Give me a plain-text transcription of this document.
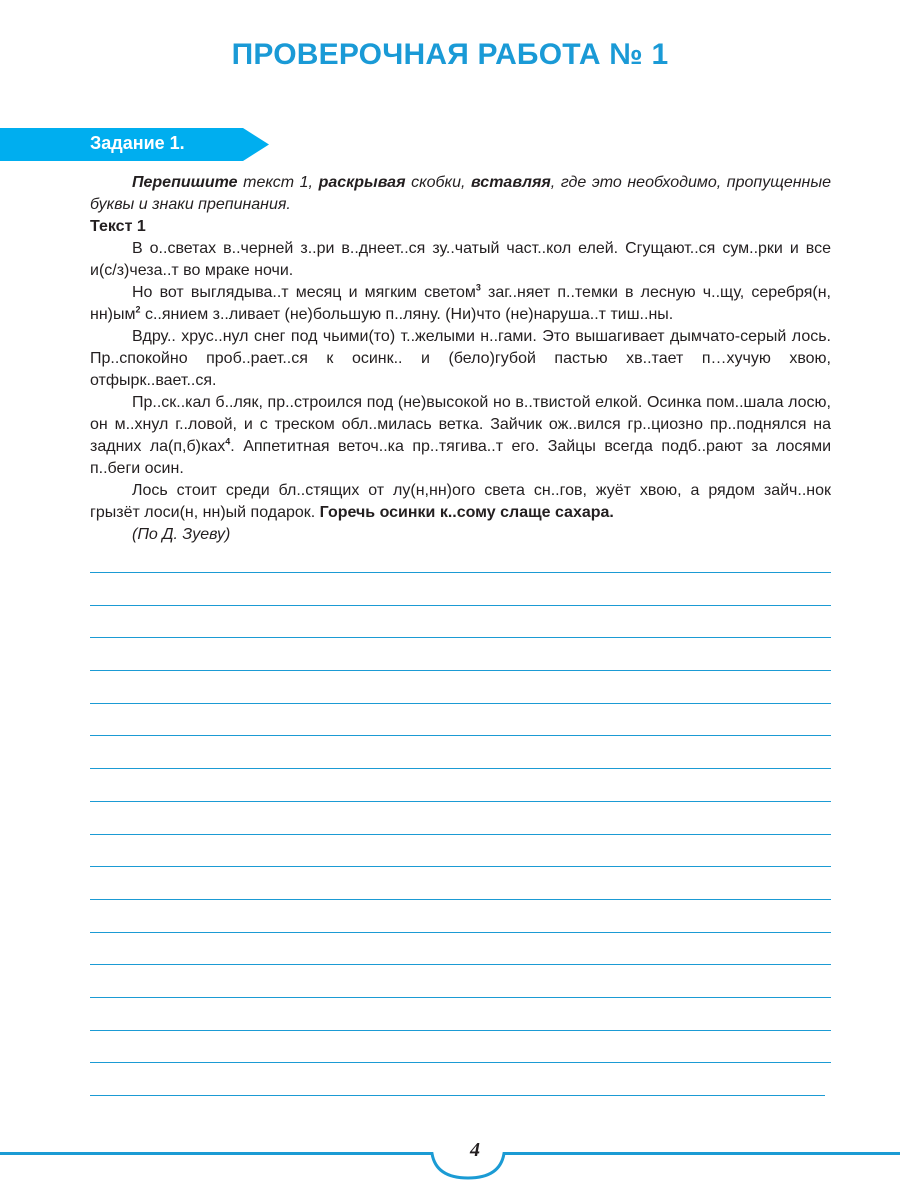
ПРОВЕРОЧНАЯ РАБОТА № 1
Задание 1.

Перепишите текст 1, раскрывая скобки, вставляя, где это необходимо, пропущенные буквы и знаки препинания.

Текст 1

В о..светах в..черней з..ри в..днеет..ся зу..чатый част..кол елей. Сгущают..ся сум..рки и все и(с/з)чеза..т во мраке ночи.

Но вот выглядыва..т месяц и мягким светом$^3$ заг..няет п..темки в лесную ч..щу, серебря(н, $нн)ым^2$ с..янием з..ливает (не)большую п..ляну. (Ни)что (не)наруша..т тиш..ны.

Вдру.. хрус..нул снег под чьими(то) т..желыми н..гами. Это вышагивает дымчато-серый лось. Пр..спокойно проб..рает..ся к осинк.. и (бело)губой пастью хв..тает п…хучую хвою, отфырк..вает..ся.

Пр..ск..кал б..ляк, пр..строился под (не)высокой но в..твистой елкой. Осинка пом..шала лосю, он м..хнул г..ловой, и с треском обл..милась ветка. Зайчик ож..вился гр..циозно пр..поднялся на задних ла(п,б)ках$^4$. Аппетитная веточ..ка пр..тягива..т его. Зайцы всегда подб..рают за лосями п..беги осин.

Лось стоит среди бл..стящих от лу(н,нн)ого света сн..гов, жуёт хвою, а рядом зайч..нок грызёт лоси(н, нн)ый подарок. Горечь осинки к..сому слаще сахара.

(По Д. Зуеву)

4
